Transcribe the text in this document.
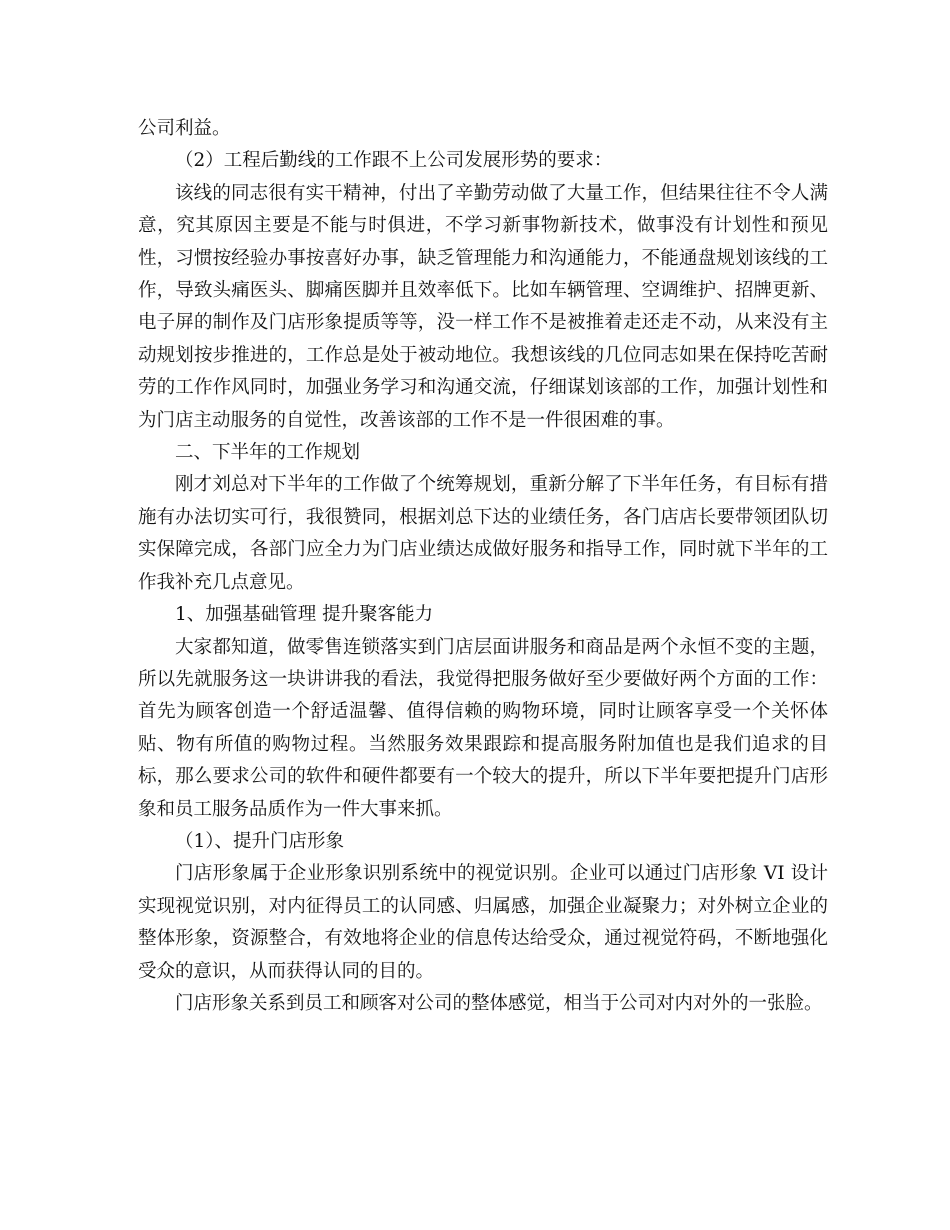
公司利益。

（2）工程后勤线的工作跟不上公司发展形势的要求：

该线的同志很有实干精神，付出了辛勤劳动做了大量工作，但结果往往不令人满意，究其原因主要是不能与时俱进，不学习新事物新技术，做事没有计划性和预见性，习惯按经验办事按喜好办事，缺乏管理能力和沟通能力，不能通盘规划该线的工作，导致头痛医头、脚痛医脚并且效率低下。比如车辆管理、空调维护、招牌更新、电子屏的制作及门店形象提质等等，没一样工作不是被推着走还走不动，从来没有主动规划按步推进的，工作总是处于被动地位。我想该线的几位同志如果在保持吃苦耐劳的工作作风同时，加强业务学习和沟通交流，仔细谋划该部的工作，加强计划性和为门店主动服务的自觉性，改善该部的工作不是一件很困难的事。

二、下半年的工作规划

刚才刘总对下半年的工作做了个统筹规划，重新分解了下半年任务，有目标有措施有办法切实可行，我很赞同，根据刘总下达的业绩任务，各门店店长要带领团队切实保障完成，各部门应全力为门店业绩达成做好服务和指导工作，同时就下半年的工作我补充几点意见。

1、加强基础管理 提升聚客能力

大家都知道，做零售连锁落实到门店层面讲服务和商品是两个永恒不变的主题，所以先就服务这一块讲讲我的看法，我觉得把服务做好至少要做好两个方面的工作：首先为顾客创造一个舒适温馨、值得信赖的购物环境，同时让顾客享受一个关怀体贴、物有所值的购物过程。当然服务效果跟踪和提高服务附加值也是我们追求的目标，那么要求公司的软件和硬件都要有一个较大的提升，所以下半年要把提升门店形象和员工服务品质作为一件大事来抓。

（1）、提升门店形象

门店形象属于企业形象识别系统中的视觉识别。企业可以通过门店形象 VI 设计实现视觉识别，对内征得员工的认同感、归属感，加强企业凝聚力；对外树立企业的整体形象，资源整合，有效地将企业的信息传达给受众，通过视觉符码，不断地强化受众的意识，从而获得认同的目的。

门店形象关系到员工和顾客对公司的整体感觉，相当于公司对内对外的一张脸。
